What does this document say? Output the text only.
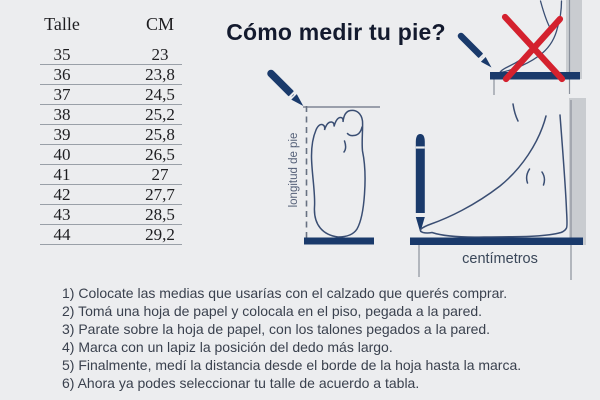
Talle	CM
35	23
36	23,8
37	24,5
38	25,2
39	25,8
40	26,5
41	27
42	27,7
43	28,5
44	29,2
Cómo medir tu pie?
longitud de pie
centímetros

1) Colocate las medias que usarías con el calzado que querés comprar.

2) Tomá una hoja de papel y colocala en el piso, pegada a la pared.

3) Parate sobre la hoja de papel, con los talones pegados a la pared.

4) Marca con un lapiz la posición del dedo más largo.

5) Finalmente, medí la distancia desde el borde de la hoja hasta la marca.

6) Ahora ya podes seleccionar tu talle de acuerdo a tabla.
